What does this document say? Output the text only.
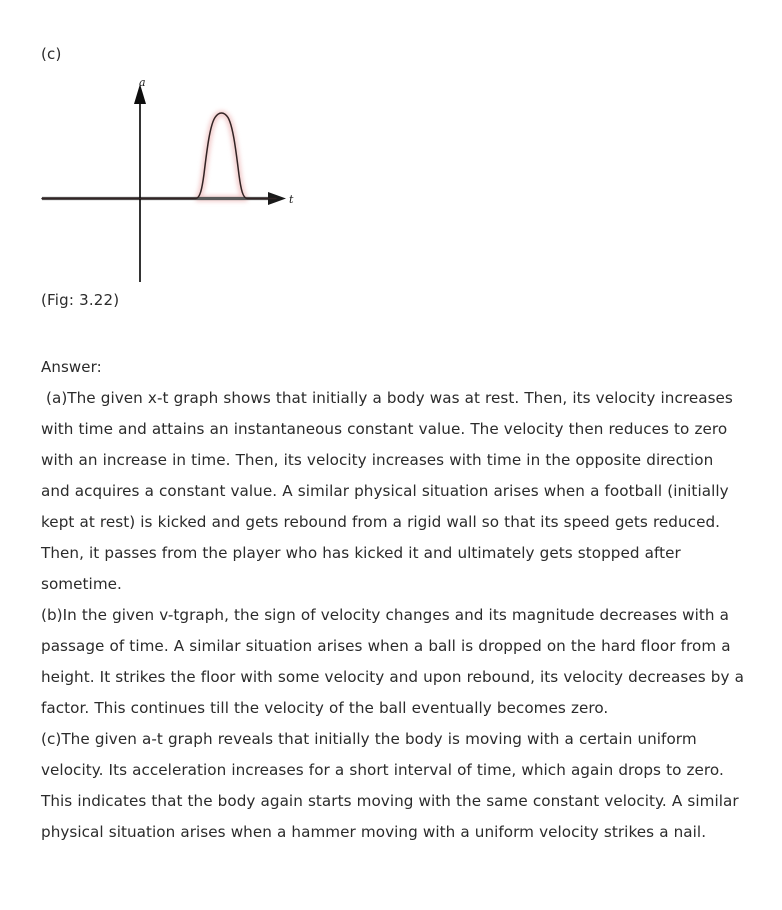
(c)
a
t
(Fig: 3.22)
Answer:

(a)The given x-t graph shows that initially a body was at rest. Then, its velocity increases with time and attains an instantaneous constant value. The velocity then reduces to zero with an increase in time. Then, its velocity increases with time in the opposite direction and acquires a constant value. A similar physical situation arises when a football (initially kept at rest) is kicked and gets rebound from a rigid wall so that its speed gets reduced. Then, it passes from the player who has kicked it and ultimately gets stopped after sometime.

(b)In the given v-tgraph, the sign of velocity changes and its magnitude decreases with a passage of time. A similar situation arises when a ball is dropped on the hard floor from a height. It strikes the floor with some velocity and upon rebound, its velocity decreases by a factor. This continues till the velocity of the ball eventually becomes zero.

(c)The given a-t graph reveals that initially the body is moving with a certain uniform velocity. Its acceleration increases for a short interval of time, which again drops to zero. This indicates that the body again starts moving with the same constant velocity. A similar physical situation arises when a hammer moving with a uniform velocity strikes a nail.
